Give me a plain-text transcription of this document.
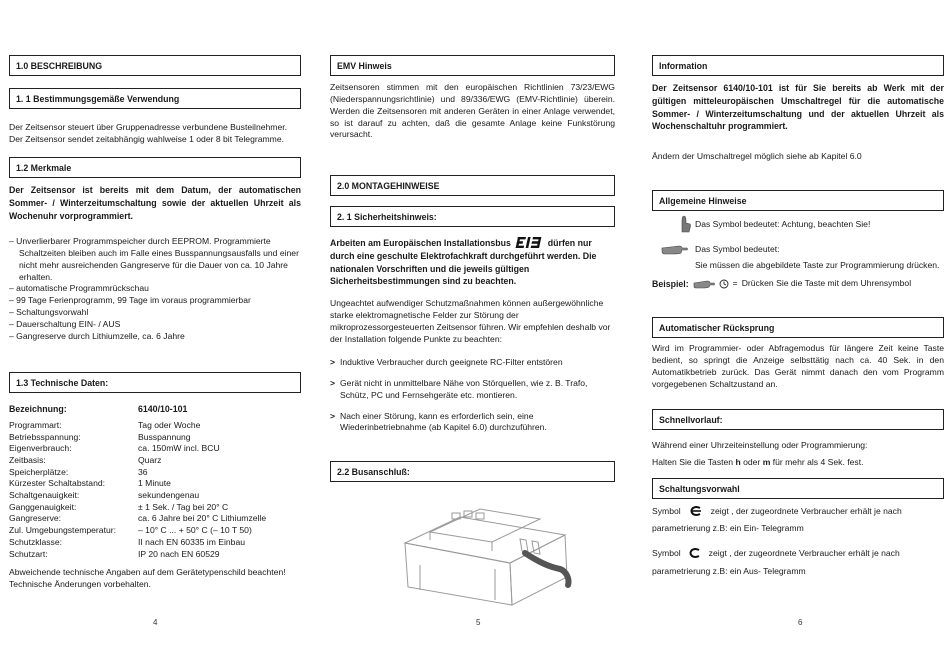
1.0 BESCHREIBUNG
1. 1 Bestimmungsgemäße Verwendung

Der Zeitsensor steuert über Gruppenadresse verbundene Busteilnehmer.

Der Zeitsensor sendet zeitabhängig wahlweise 1 oder 8 bit Telegramme.

1.2 Merkmale

Der Zeitsensor ist bereits mit dem Datum, der automatischen Sommer- / Winterzeitumschaltung sowie der aktuellen Uhrzeit als Wochenuhr vorprogrammiert.

– Unverlierbarer Programmspeicher durch EEPROM. Programmierte Schaltzeiten bleiben auch im Falle eines Busspannungsausfalls und einer nicht mehr ausreichenden Gangreserve für die Dauer von ca. 10 Jahre erhalten.
– automatische Programmrückschau
– 99 Tage Ferienprogramm, 99 Tage im voraus programmierbar
– Schaltungsvorwahl
– Dauerschaltung EIN- / AUS
– Gangreserve durch Lithiumzelle, ca. 6 Jahre
1.3 Technische Daten:
Bezeichnung:	6140/10-101

Programmart:	Tag oder Woche
Betriebsspannung:	Busspannung
Eigenverbrauch:	ca. 150mW incl. BCU
Zeitbasis:	Quarz
Speicherplätze:	36
Kürzester Schaltabstand:	1 Minute
Schaltgenauigkeit:	sekundengenau
Ganggenauigkeit:	± 1 Sek. / Tag bei 20° C
Gangreserve:	ca. 6 Jahre bei 20° C Lithiumzelle
Zul. Umgebungstemperatur:	– 10° C ... + 50° C (– 10 T 50)
Schutzklasse:	II nach EN 60335 im Einbau
Schutzart:	IP 20 nach EN 60529

Abweichende technische Angaben auf dem Gerätetypenschild beachten! Technische Änderungen vorbehalten.

4
EMV Hinweis

Zeitsensoren stimmen mit den europäischen Richtlinien 73/23/EWG (Niederspannungsrichtlinie) und 89/336/EWG (EMV-Richtlinie) überein. Werden die Zeitsensoren mit anderen Geräten in einer Anlage verwendet, so ist darauf zu achten, daß die gesamte Anlage keine Funkstörung verursacht.

2.0 MONTAGEHINWEISE
2. 1 Sicherheitshinweis:
Arbeiten am Europäischen Installationsbus	dürfen nur durch eine geschulte Elektrofachkraft durchgeführt werden. Die nationalen Vorschriften und die jeweils gültigen Sicherheitsbestimmungen sind zu beachten.

Ungeachtet aufwendiger Schutzmaßnahmen können außergewöhnliche starke elektromagnetische Felder zur Störung der mikroprozessorgesteuerten Zeitsensor führen. Wir empfehlen deshalb vor der Installation folgende Punkte zu beachten:

> Induktive Verbraucher durch geeignete RC-Filter entstören
> Gerät nicht in unmittelbare Nähe von Störquellen, wie z. B. Trafo, Schütz, PC und Fernsehgeräte etc. montieren.
> Nach einer Störung, kann es erforderlich sein, eine Wiederinbetriebnahme (ab Kapitel 6.0) durchzuführen.
2.2 Busanschluß:
5
Information

Der Zeitsensor 6140/10-101 ist für Sie bereits ab Werk mit der gültigen mitteleuropäischen Umschaltregel für die automatische Sommer- / Winterzeitumschaltung und der aktuellen Uhrzeit als Wochenschaltuhr programmiert.

Ändern der Umschaltregel möglich siehe ab Kapitel 6.0

Allgemeine Hinweise

Das Symbol bedeutet: Achtung, beachten Sie!

Das Symbol bedeutet:

Sie müssen die abgebildete Taste zur Programmierung drücken.

Beispiel:	= Drücken Sie die Taste mit dem Uhrensymbol
Automatischer Rücksprung

Wird im Programmier- oder Abfragemodus für längere Zeit keine Taste bedient, so springt die Anzeige selbsttätig nach ca. 40 Sek. in den Automatikbetrieb zurück. Das Gerät nimmt danach den vom Programm vorgegebenen Schaltzustand an.

Schnellvorlauf:

Während einer Uhrzeiteinstellung oder Programmierung:

Halten Sie die Tasten h oder m für mehr als 4 Sek. fest.

Schaltungsvorwahl
Symbol	zeigt , der zugeordnete Verbraucher erhält je nach

parametrierung z.B: ein Ein- Telegramm

Symbol	zeigt , der zugeordnete Verbraucher erhält je nach

parametrierung z.B: ein Aus- Telegramm

6
